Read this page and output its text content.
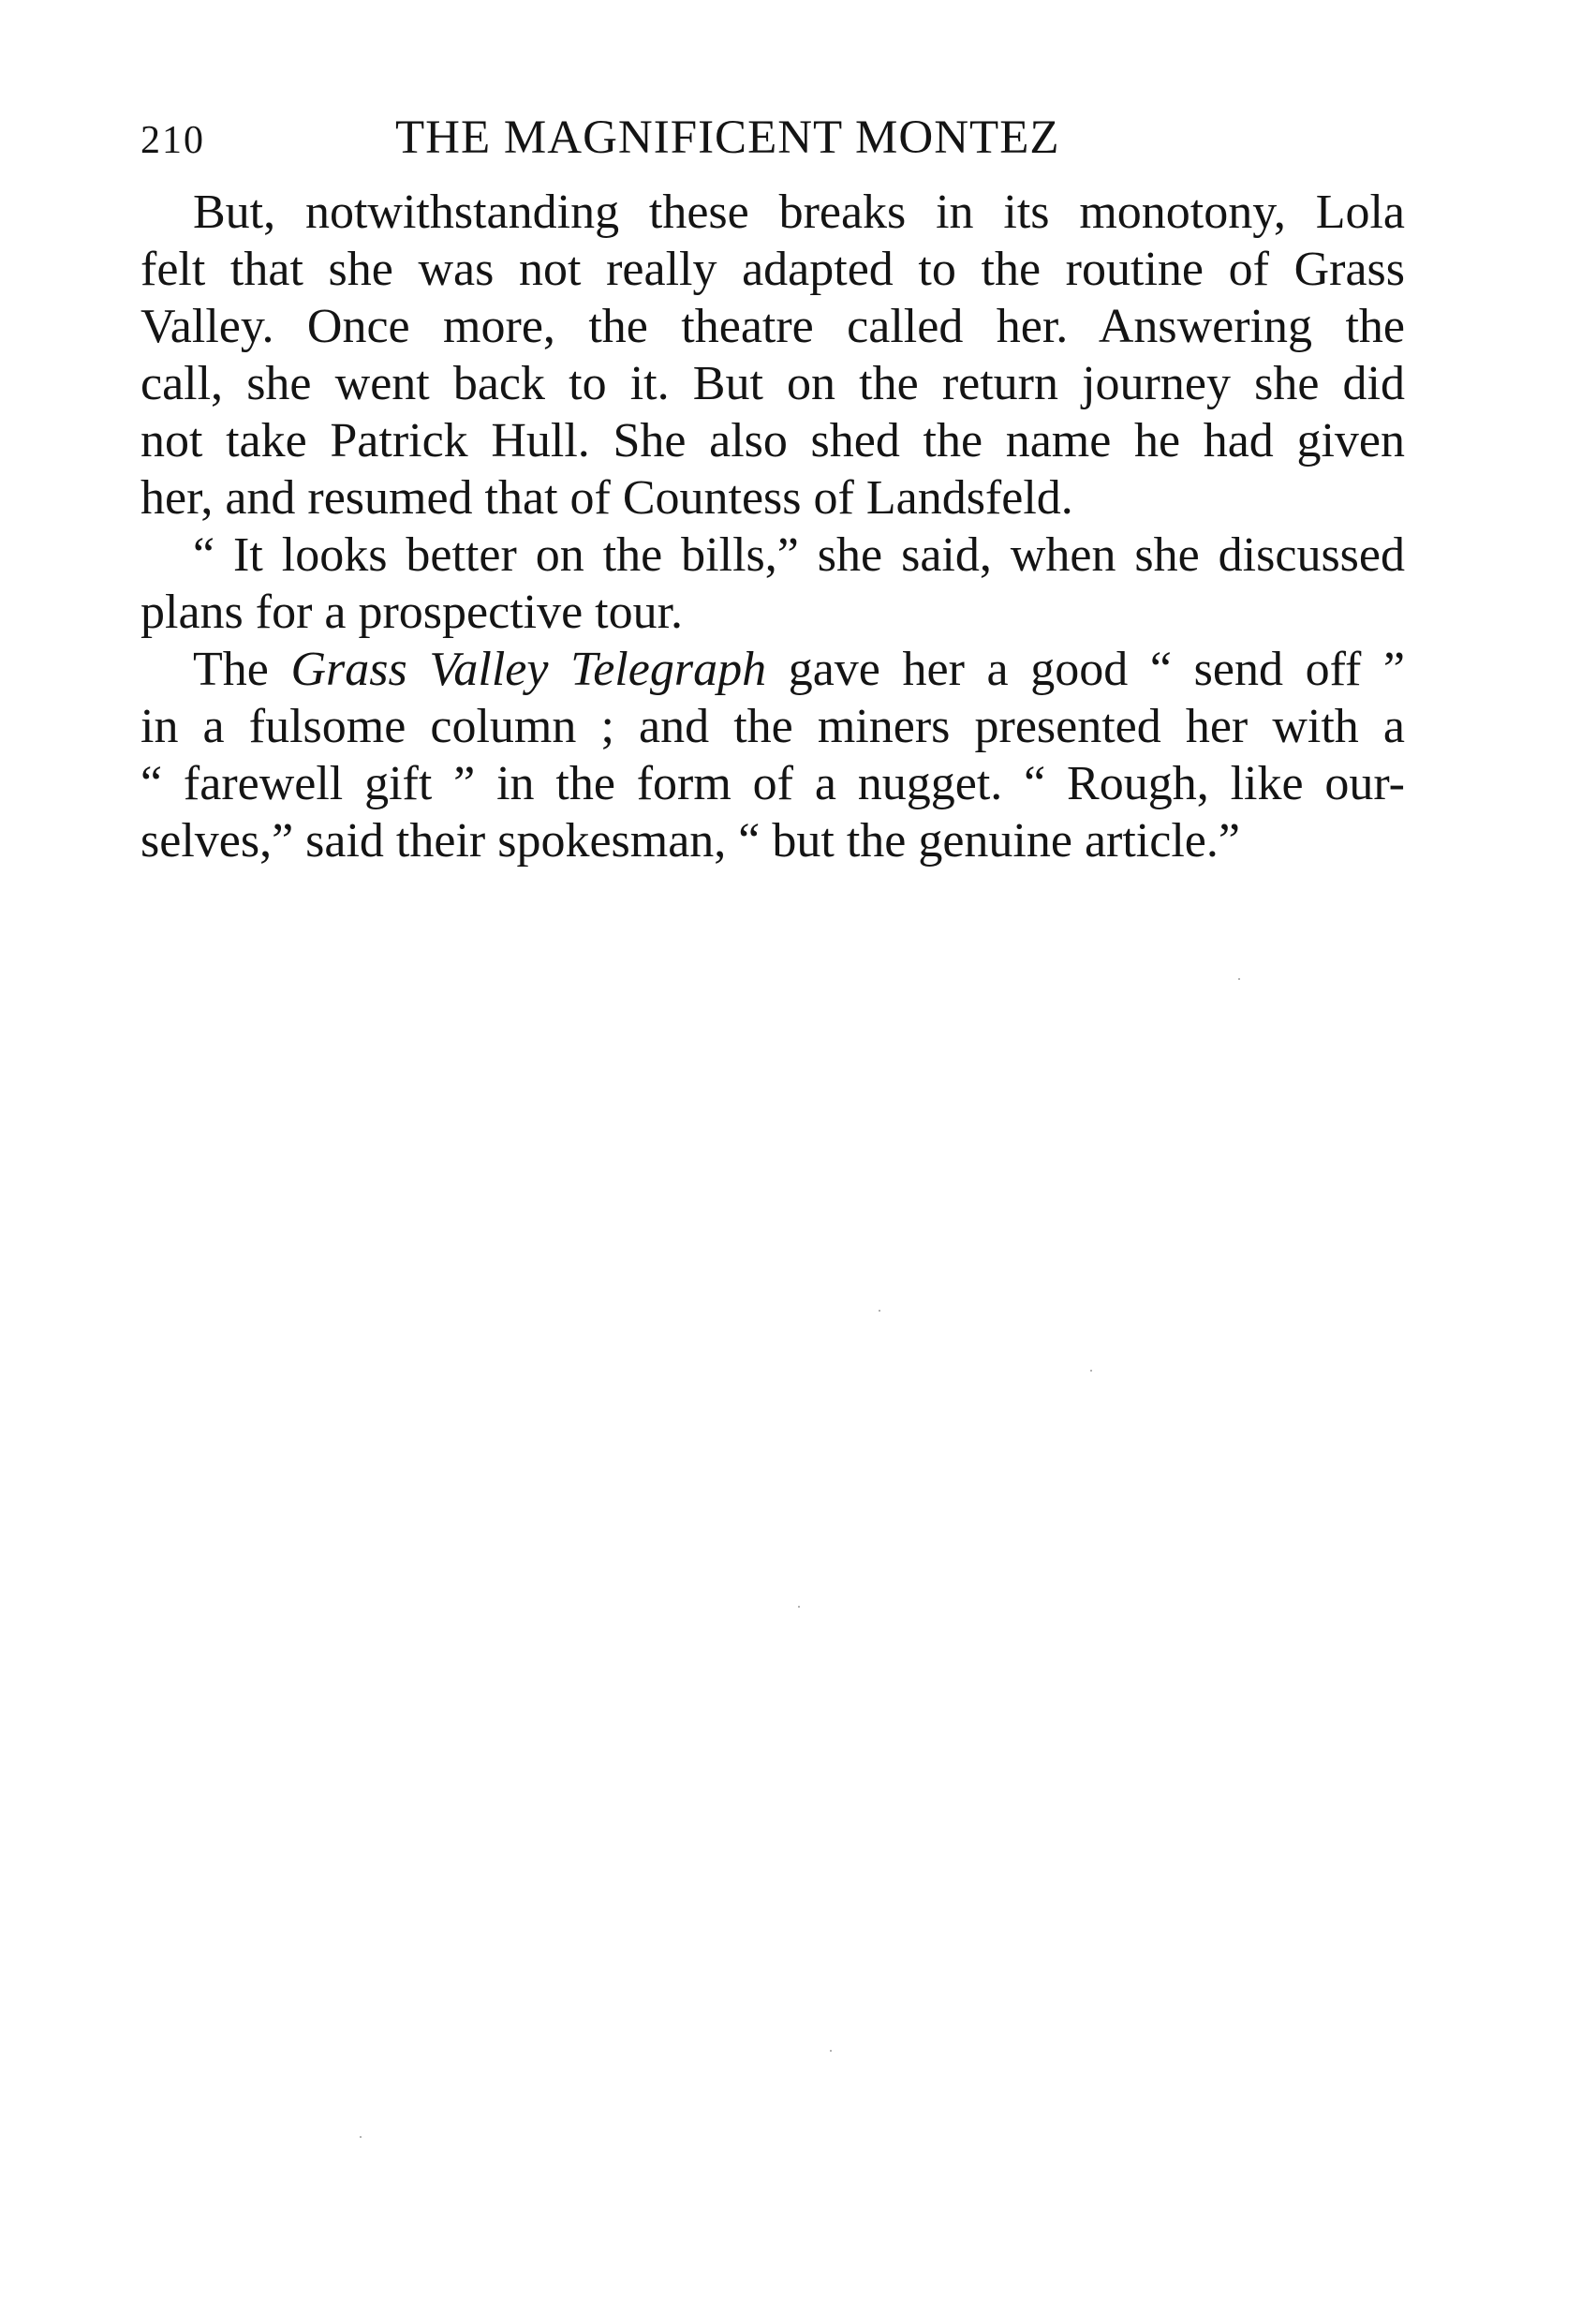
210	THE MAGNIFICENT MONTEZ
But, notwithstanding these breaks in its monotony, Lola
felt that she was not really adapted to the routine of Grass
Valley. Once more, the theatre called her. Answering the
call, she went back to it. But on the return journey she did
not take Patrick Hull. She also shed the name he had given
her, and resumed that of Countess of Landsfeld.
“ It looks better on the bills,” she said, when she discussed
plans for a prospective tour.
The Grass Valley Telegraph gave her a good “ send off ”
in a fulsome column ; and the miners presented her with a
“ farewell gift ” in the form of a nugget. “ Rough, like our-
selves,” said their spokesman, “ but the genuine article.”
